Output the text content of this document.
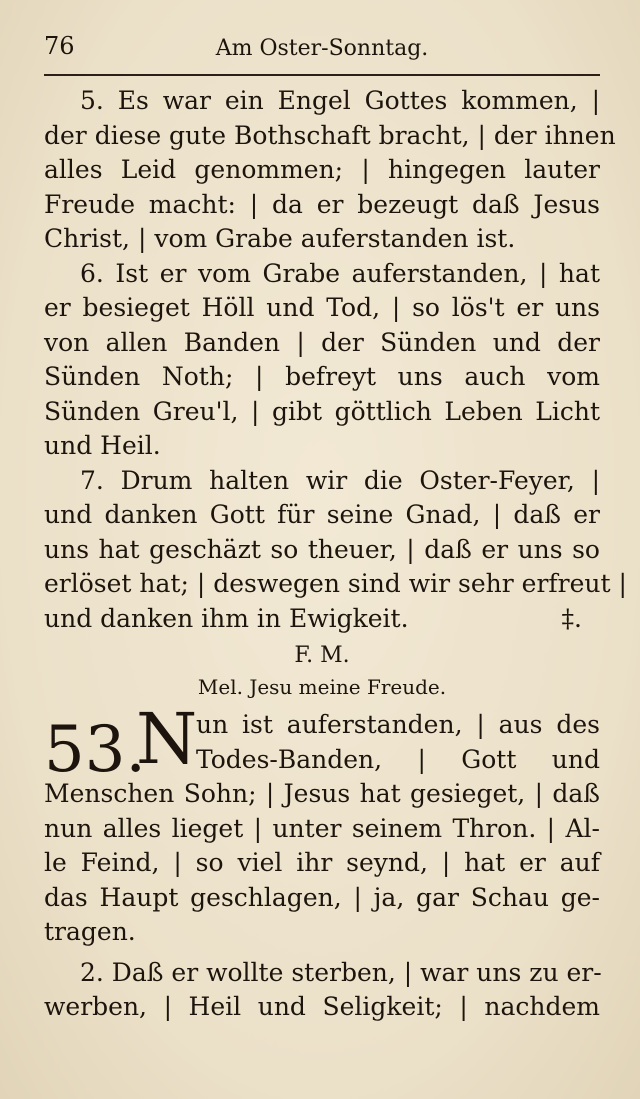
76	Am Oster-Sonntag.
5. Es war ein Engel Gottes kommen, |
der diese gute Bothschaft bracht, | der ihnen
alles Leid genommen; | hingegen lauter
Freude macht: | da er bezeugt daß Jesus
Christ, | vom Grabe auferstanden ist.
6. Ist er vom Grabe auferstanden, | hat
er besieget Höll und Tod, | so lös't er uns
von allen Banden | der Sünden und der
Sünden Noth; | befreyt uns auch vom
Sünden Greu'l, | gibt göttlich Leben Licht
und Heil.
7. Drum halten wir die Oster-Feyer, |
und danken Gott für seine Gnad, | daß er
uns hat geschäzt so theuer, | daß er uns so
erlöset hat; | deswegen sind wir sehr erfreut |
und danken ihm in Ewigkeit.	‡.
F. M.
Mel. Jesu meine Freude.
53.
N
un ist auferstanden, | aus des
Todes-Banden, | Gott und
Menschen Sohn; | Jesus hat gesieget, | daß
nun alles lieget | unter seinem Thron. | Al-
le Feind, | so viel ihr seynd, | hat er auf
das Haupt geschlagen, | ja, gar Schau ge-
tragen.
2. Daß er wollte sterben, | war uns zu er-
werben, | Heil und Seligkeit; | nachdem
